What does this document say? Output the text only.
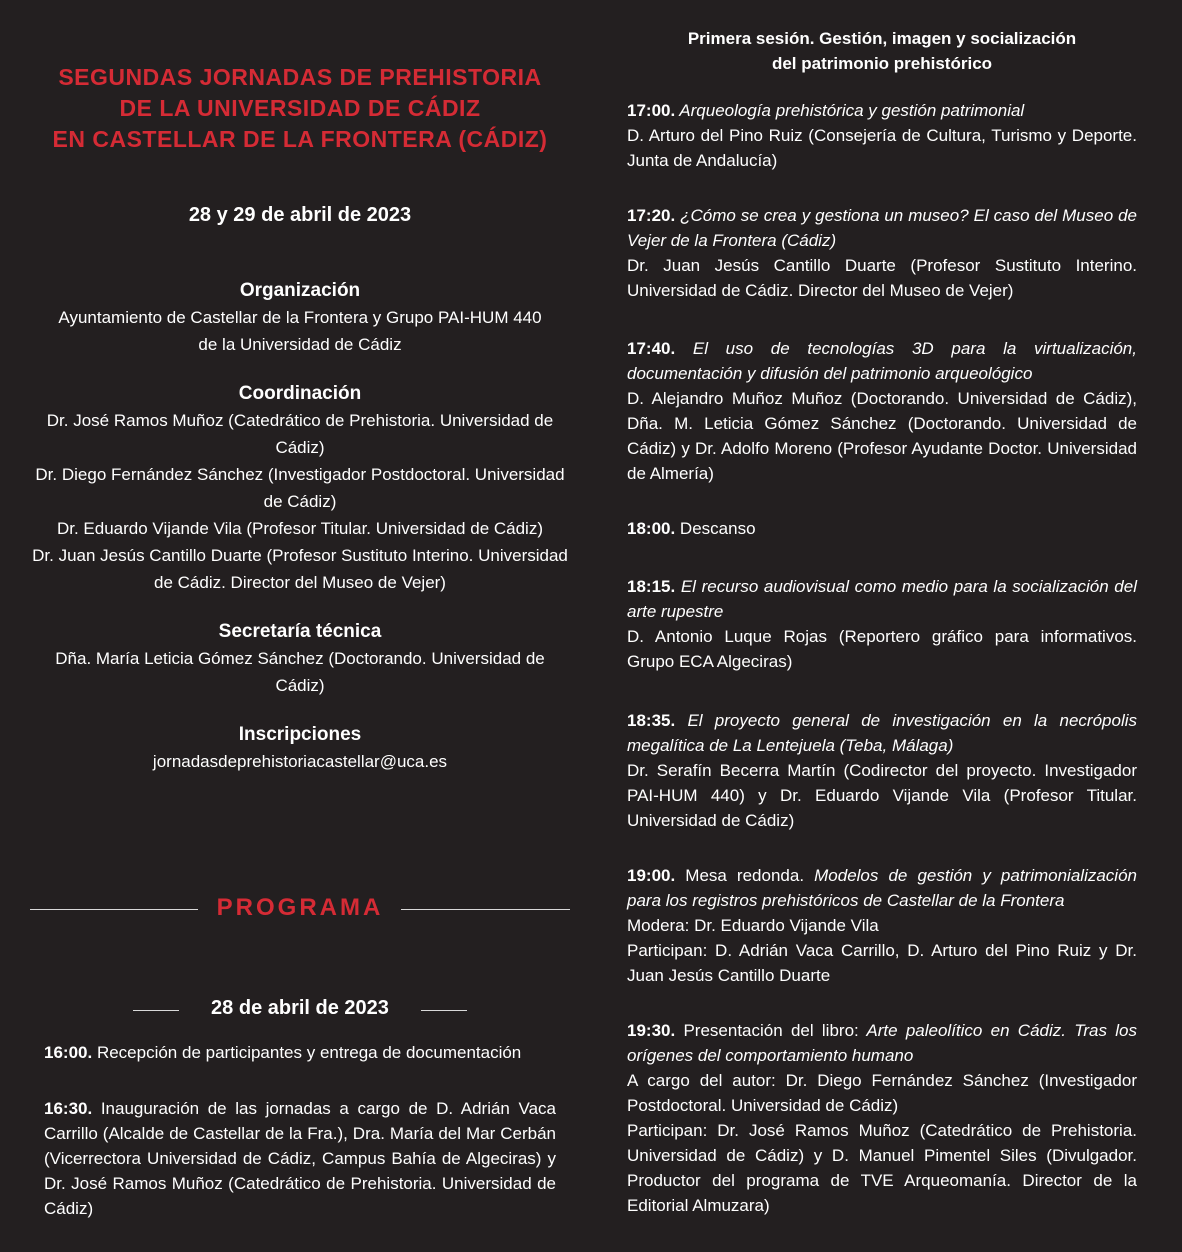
SEGUNDAS JORNADAS DE PREHISTORIA
DE LA UNIVERSIDAD DE CÁDIZ
EN CASTELLAR DE LA FRONTERA (CÁDIZ)
28 y 29 de abril de 2023
Organización
Ayuntamiento de Castellar de la Frontera y Grupo PAI-HUM 440
de la Universidad de Cádiz
Coordinación
Dr. José Ramos Muñoz (Catedrático de Prehistoria. Universidad de
Cádiz)
Dr. Diego Fernández Sánchez (Investigador Postdoctoral. Universidad
de Cádiz)
Dr. Eduardo Vijande Vila (Profesor Titular. Universidad de Cádiz)
Dr. Juan Jesús Cantillo Duarte (Profesor Sustituto Interino. Universidad
de Cádiz. Director del Museo de Vejer)
Secretaría técnica
Dña. María Leticia Gómez Sánchez (Doctorando. Universidad de
Cádiz)
Inscripciones
jornadasdeprehistoriacastellar@uca.es
PROGRAMA
28 de abril de 2023
16:00. Recepción de participantes y entrega de documentación
16:30. Inauguración de las jornadas a cargo de D. Adrián Vaca Carrillo (Alcalde de Castellar de la Fra.), Dra. María del Mar Cerbán (Vicerrectora Universidad de Cádiz, Campus Bahía de Algeciras) y Dr. José Ramos Muñoz (Catedrático de Prehistoria. Universidad de Cádiz)
Primera sesión. Gestión, imagen y socialización
del patrimonio prehistórico
17:00. Arqueología prehistórica y gestión patrimonial
D. Arturo del Pino Ruiz (Consejería de Cultura, Turismo y Deporte. Junta de Andalucía)
17:20. ¿Cómo se crea y gestiona un museo? El caso del Museo de Vejer de la Frontera (Cádiz)
Dr. Juan Jesús Cantillo Duarte (Profesor Sustituto Interino. Universidad de Cádiz. Director del Museo de Vejer)
17:40. El uso de tecnologías 3D para la virtualización, documentación y difusión del patrimonio arqueológico
D. Alejandro Muñoz Muñoz (Doctorando. Universidad de Cádiz), Dña. M. Leticia Gómez Sánchez (Doctorando. Universidad de Cádiz) y Dr. Adolfo Moreno (Profesor Ayudante Doctor. Universidad de Almería)
18:00. Descanso
18:15. El recurso audiovisual como medio para la socialización del arte rupestre
D. Antonio Luque Rojas (Reportero gráfico para informativos. Grupo ECA Algeciras)
18:35. El proyecto general de investigación en la necrópolis megalítica de La Lentejuela (Teba, Málaga)
Dr. Serafín Becerra Martín (Codirector del proyecto. Investigador PAI-HUM 440) y Dr. Eduardo Vijande Vila (Profesor Titular. Universidad de Cádiz)
19:00. Mesa redonda. Modelos de gestión y patrimonialización para los registros prehistóricos de Castellar de la Frontera
Modera: Dr. Eduardo Vijande Vila
Participan: D. Adrián Vaca Carrillo, D. Arturo del Pino Ruiz y Dr. Juan Jesús Cantillo Duarte
19:30. Presentación del libro: Arte paleolítico en Cádiz. Tras los orígenes del comportamiento humano
A cargo del autor: Dr. Diego Fernández Sánchez (Investigador Postdoctoral. Universidad de Cádiz)
Participan: Dr. José Ramos Muñoz (Catedrático de Prehistoria. Universidad de Cádiz) y D. Manuel Pimentel Siles (Divulgador. Productor del programa de TVE Arqueomanía. Director de la Editorial Almuzara)
